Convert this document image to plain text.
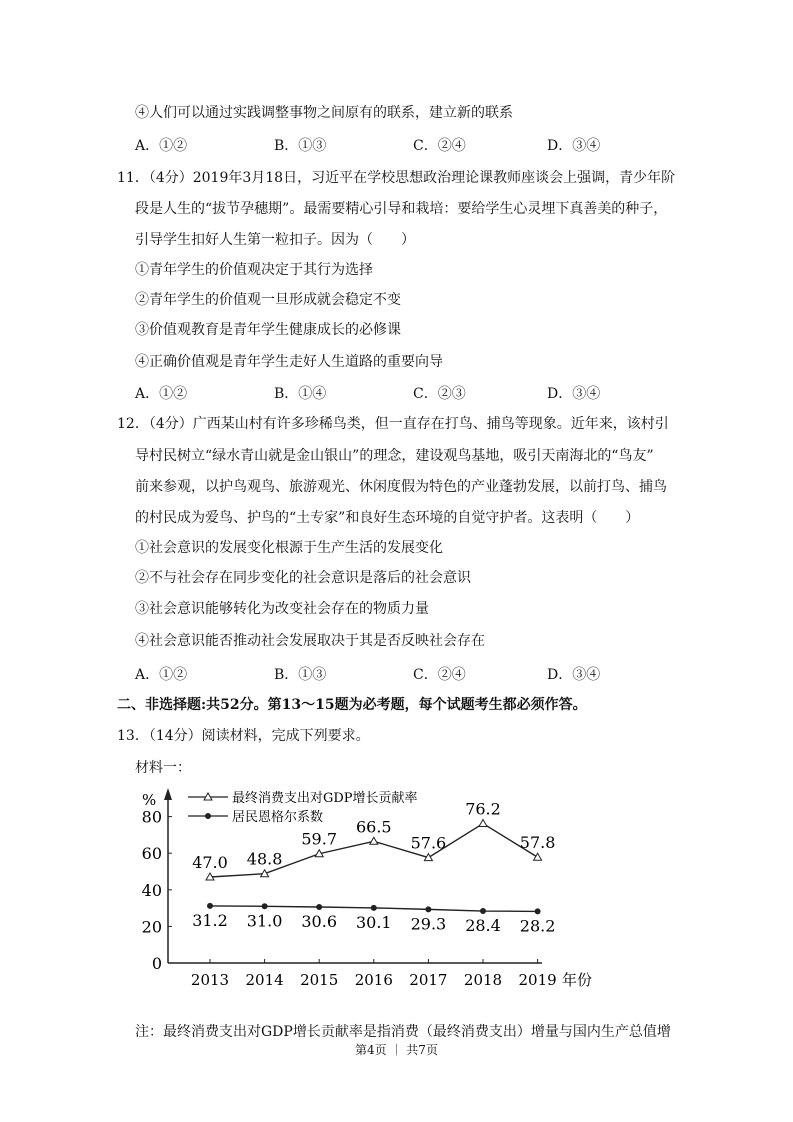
④人们可以通过实践调整事物之间原有的联系，建立新的联系
A．①②	B．①③	C．②④	D．③④
11．（4分）2019年3月18日，习近平在学校思想政治理论课教师座谈会上强调，青少年阶
段是人生的“拔节孕穗期”。最需要精心引导和栽培：要给学生心灵埋下真善美的种子，
引导学生扣好人生第一粒扣子。因为（　　）
①青年学生的价值观决定于其行为选择
②青年学生的价值观一旦形成就会稳定不变
③价值观教育是青年学生健康成长的必修课
④正确价值观是青年学生走好人生道路的重要向导
A．①②	B．①④	C．②③	D．③④
12．（4分）广西某山村有许多珍稀鸟类，但一直存在打鸟、捕鸟等现象。近年来，该村引
导村民树立“绿水青山就是金山银山”的理念，建设观鸟基地，吸引天南海北的“鸟友”
前来参观，以护鸟观鸟、旅游观光、休闲度假为特色的产业蓬勃发展，以前打鸟、捕鸟
的村民成为爱鸟、护鸟的“土专家”和良好生态环境的自觉守护者。这表明（　　）
①社会意识的发展变化根源于生产生活的发展变化
②不与社会存在同步变化的社会意识是落后的社会意识
③社会意识能够转化为改变社会存在的物质力量
④社会意识能否推动社会发展取决于其是否反映社会存在
A．①②	B．①③	C．②④	D．③④
二、非选择题:共52分。第13～15题为必考题，每个试题考生都必须作答。
13．（14分）阅读材料，完成下列要求。
材料一：
%
0
20
40
60
80
2013 2014 2015 2016 2017 2018 2019 年份
最终消费支出对GDP增长贡献率
居民恩格尔系数
47.0 48.8
59.7
66.5
57.6
76.2
57.8
31.2 31.0 30.6 30.1 29.3 28.4 28.2
注：最终消费支出对GDP增长贡献率是指消费（最终消费支出）增量与国内生产总值增
第4页 ｜ 共7页
